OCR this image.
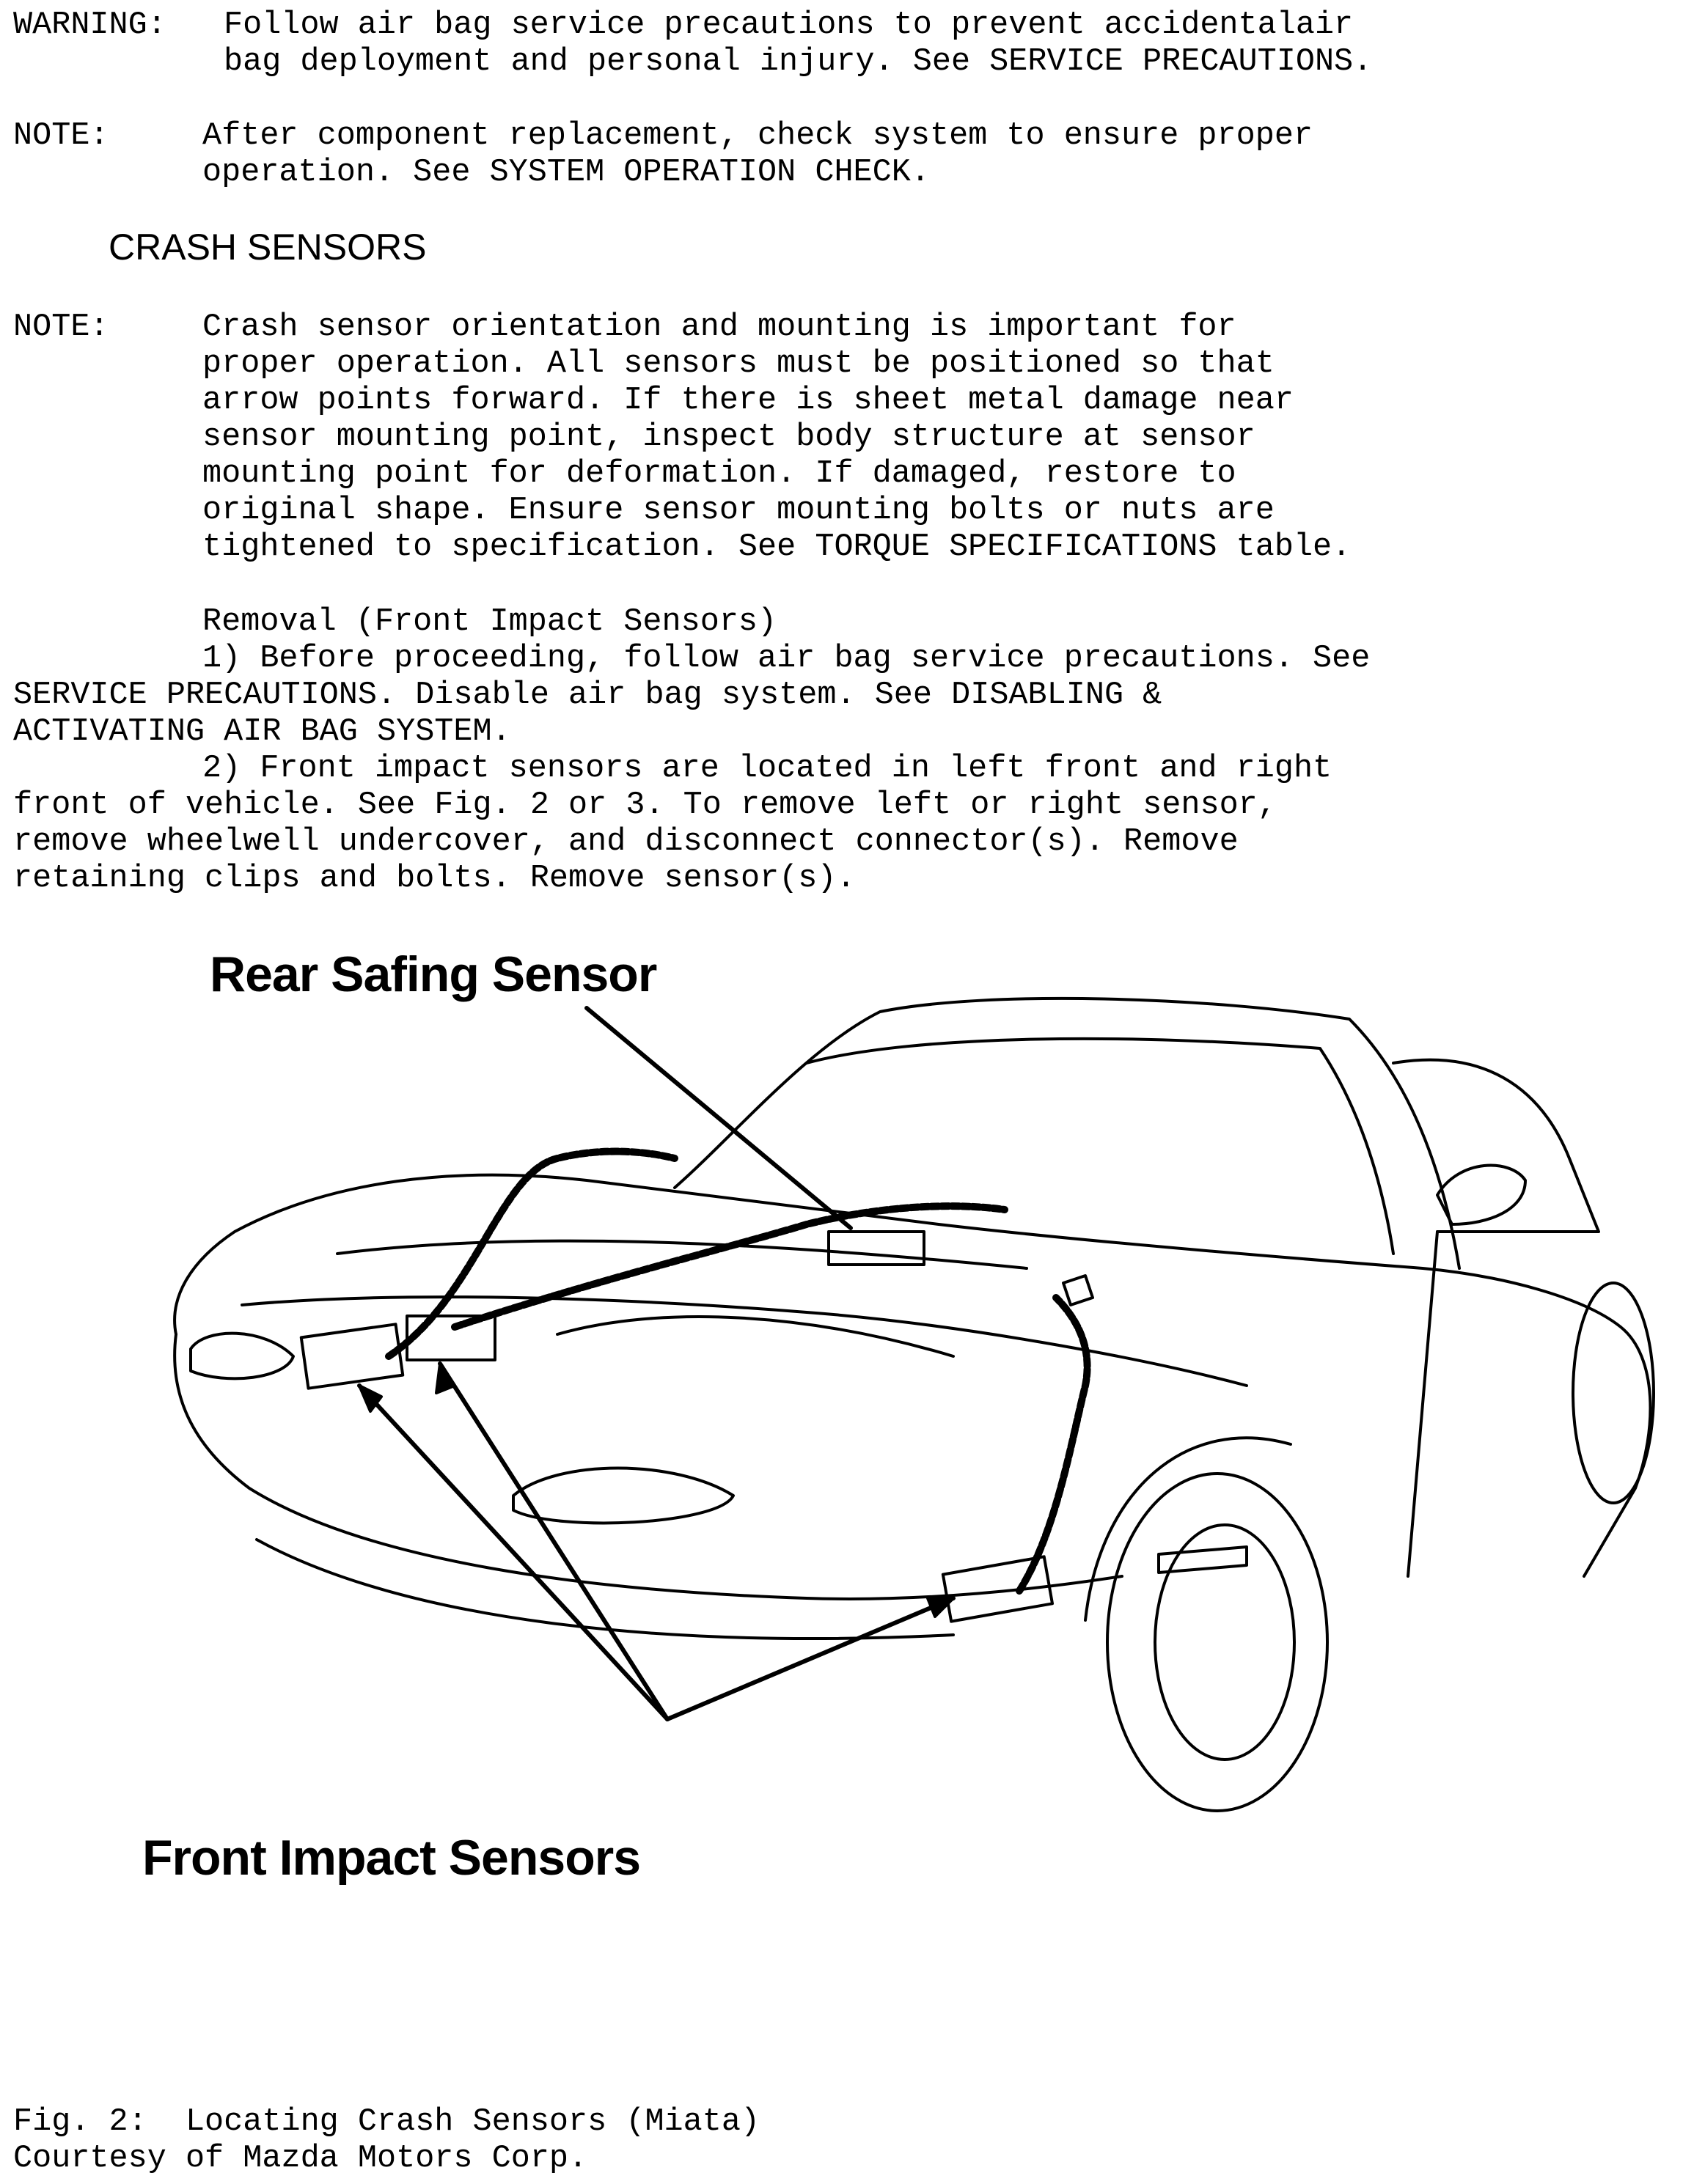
WARNING: Follow air bag service precautions to prevent accidentalair
bag deployment and personal injury. See SERVICE PRECAUTIONS.
NOTE:	After component replacement, check system to ensure proper
operation. See SYSTEM OPERATION CHECK.
CRASH SENSORS
NOTE:	Crash sensor orientation and mounting is important for
proper operation. All sensors must be positioned so that
arrow points forward. If there is sheet metal damage near
sensor mounting point, inspect body structure at sensor
mounting point for deformation. If damaged, restore to
original shape. Ensure sensor mounting bolts or nuts are
tightened to specification. See TORQUE SPECIFICATIONS table.
Removal (Front Impact Sensors)
1) Before proceeding, follow air bag service precautions. See
SERVICE PRECAUTIONS. Disable air bag system. See DISABLING &
ACTIVATING AIR BAG SYSTEM.
2) Front impact sensors are located in left front and right
front of vehicle. See Fig. 2 or 3. To remove left or right sensor,
remove wheelwell undercover, and disconnect connector(s). Remove
retaining clips and bolts. Remove sensor(s).
Rear Safing Sensor
Front Impact Sensors
Fig. 2:  Locating Crash Sensors (Miata)
Courtesy of Mazda Motors Corp.
